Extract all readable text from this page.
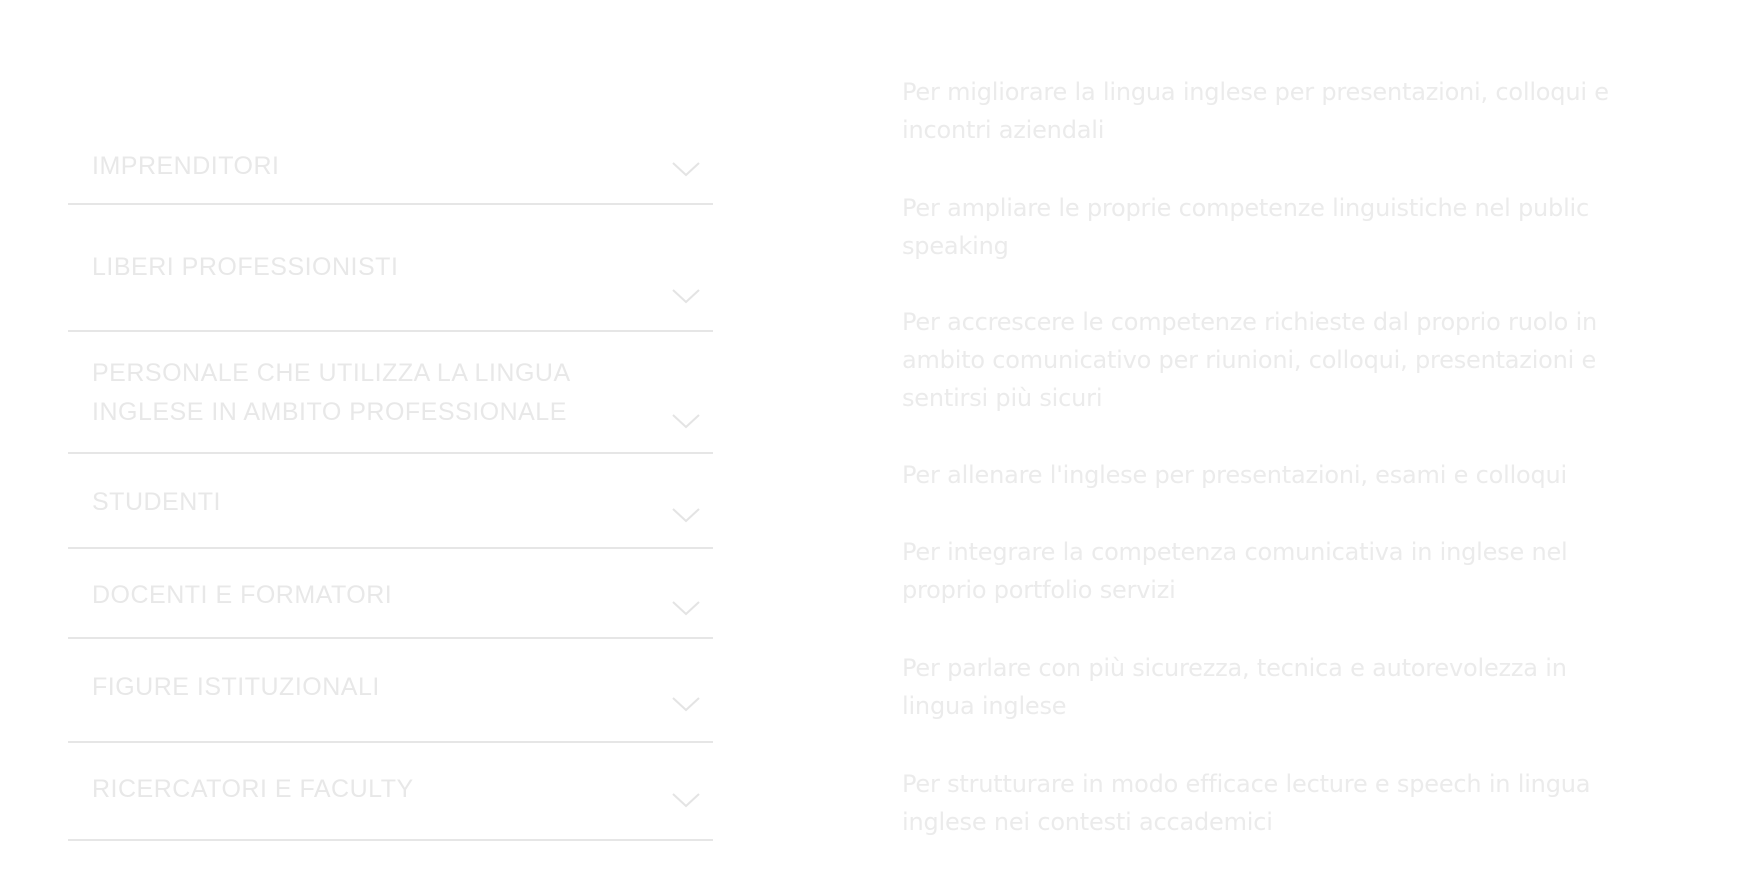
IMPRENDITORI
LIBERI PROFESSIONISTI
PERSONALE CHE UTILIZZA LA LINGUA
INGLESE IN AMBITO PROFESSIONALE
STUDENTI
DOCENTI E FORMATORI
FIGURE ISTITUZIONALI
RICERCATORI E FACULTY
Per migliorare la lingua inglese per presentazioni, colloqui e incontri aziendali
Per ampliare le proprie competenze linguistiche nel public speaking
Per accrescere le competenze richieste dal proprio ruolo in ambito comunicativo per riunioni, colloqui, presentazioni e sentirsi più sicuri
Per allenare l'inglese per presentazioni, esami e colloqui
Per integrare la competenza comunicativa in inglese nel proprio portfolio servizi
Per parlare con più sicurezza, tecnica e autorevolezza in lingua inglese
Per strutturare in modo efficace lecture e speech in lingua inglese nei contesti accademici
